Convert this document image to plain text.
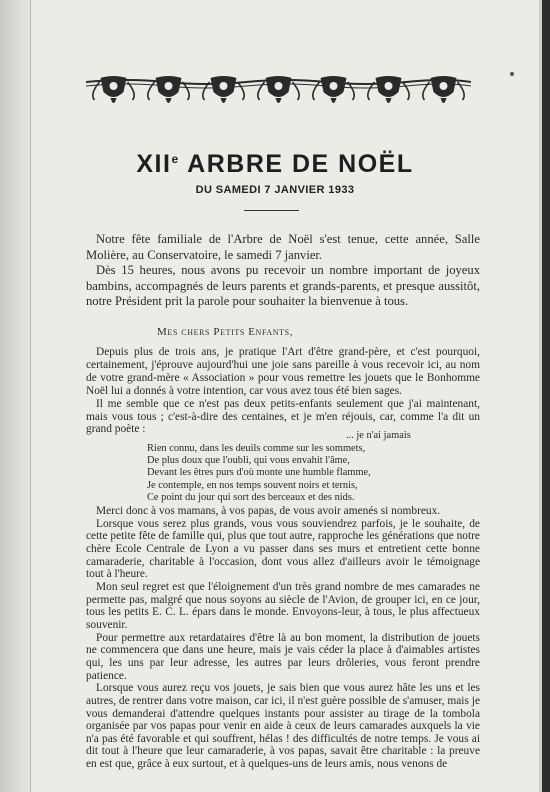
XIIe ARBRE DE NOËL
DU SAMEDI 7 JANVIER 1933

Notre fête familiale de l'Arbre de Noël s'est tenue, cette année, Salle Molière, au Conservatoire, le samedi 7 janvier.

Dès 15 heures, nous avons pu recevoir un nombre important de joyeux bambins, accompagnés de leurs parents et grands-parents, et presque aussitôt, notre Président prit la parole pour souhaiter la bienvenue à tous.

Mes chers Petits Enfants,

Depuis plus de trois ans, je pratique l'Art d'être grand-père, et c'est pourquoi, certainement, j'éprouve aujourd'hui une joie sans pareille à vous recevoir ici, au nom de votre grand-mère « Association » pour vous remettre les jouets que le Bonhomme Noël lui a donnés à votre intention, car vous avez tous été bien sages.

Il me semble que ce n'est pas deux petits-enfants seulement que j'ai maintenant, mais vous tous ; c'est-à-dire des centaines, et je m'en réjouis, car, comme l'a dit un grand poète :

... je n'ai jamais
Rien connu, dans les deuils comme sur les sommets,
De plus doux que l'oubli, qui vous envahit l'âme,
Devant les êtres purs d'où monte une humble flamme,
Je contemple, en nos temps souvent noirs et ternis,
Ce point du jour qui sort des berceaux et des nids.

Merci donc à vos mamans, à vos papas, de vous avoir amenés si nombreux.

Lorsque vous serez plus grands, vous vous souviendrez parfois, je le souhaite, de cette petite fête de famille qui, plus que tout autre, rapproche les générations que notre chère Ecole Centrale de Lyon a vu passer dans ses murs et entretient cette bonne camaraderie, charitable à l'occasion, dont vous allez d'ailleurs avoir le témoignage tout à l'heure.

Mon seul regret est que l'éloignement d'un très grand nombre de mes camarades ne permette pas, malgré que nous soyons au siècle de l'Avion, de grouper ici, en ce jour, tous les petits E. C. L. épars dans le monde. Envoyons-leur, à tous, le plus affectueux souvenir.

Pour permettre aux retardataires d'être là au bon moment, la distribution de jouets ne commencera que dans une heure, mais je vais céder la place à d'aimables artistes qui, les uns par leur adresse, les autres par leurs drôleries, vous feront prendre patience.

Lorsque vous aurez reçu vos jouets, je sais bien que vous aurez hâte les uns et les autres, de rentrer dans votre maison, car ici, il n'est guère possible de s'amuser, mais je vous demanderai d'attendre quelques instants pour assister au tirage de la tombola organisée par vos papas pour venir en aide à ceux de leurs camarades auxquels la vie n'a pas été favorable et qui souffrent, hélas ! des difficultés de notre temps. Je vous ai dit tout à l'heure que leur camaraderie, à vos papas, savait être charitable : la preuve en est que, grâce à eux surtout, et à quelques-uns de leurs amis, nous venons de
